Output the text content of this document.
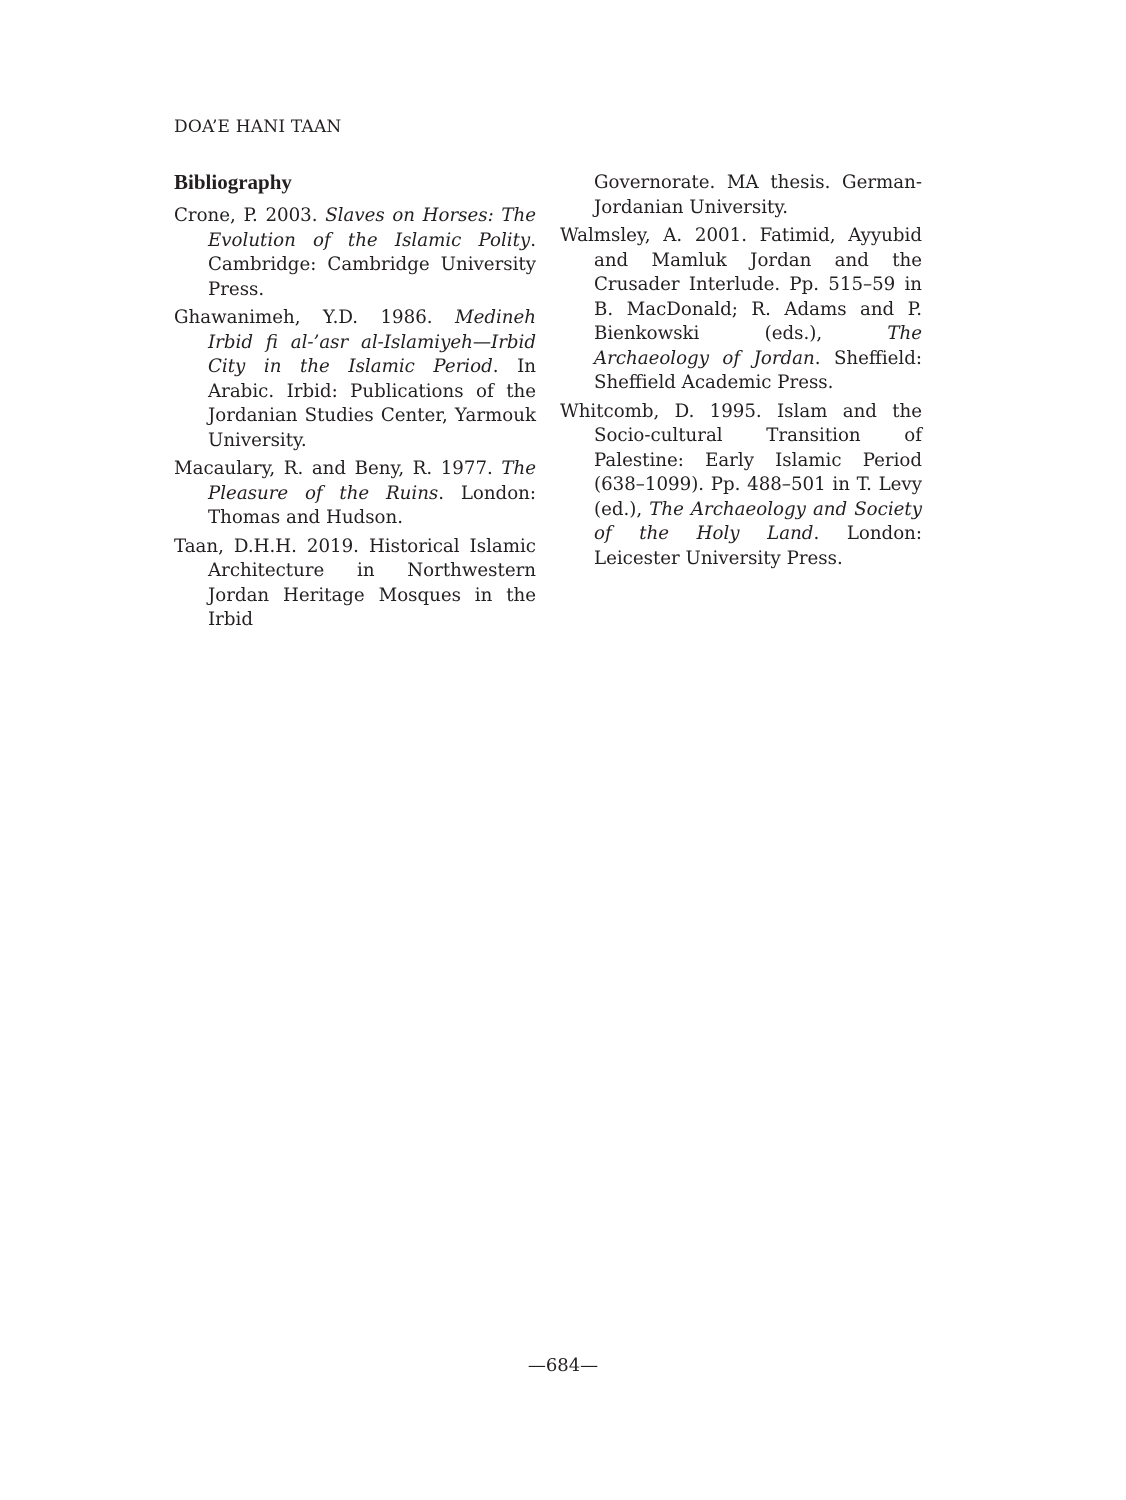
DOA’E HANI TAAN
Bibliography

Crone, P. 2003. Slaves on Horses: The Evolution of the Islamic Polity. Cambridge: Cambridge University Press.

Ghawanimeh, Y.D. 1986. Medineh Irbid fi al-’asr al-Islamiyeh—Irbid City in the Islamic Period. In Arabic. Irbid: Publications of the Jordanian Studies Center, Yarmouk University.

Macaulary, R. and Beny, R. 1977. The Pleasure of the Ruins. London: Thomas and Hudson.

Taan, D.H.H. 2019. Historical Islamic Architecture in Northwestern Jordan Heritage Mosques in the Irbid

Governorate. MA thesis. German-Jordanian University.

Walmsley, A. 2001. Fatimid, Ayyubid and Mamluk Jordan and the Crusader Interlude. Pp. 515–59 in B. MacDonald; R. Adams and P. Bienkowski (eds.), The Archaeology of Jordan. Sheffield: Sheffield Academic Press.

Whitcomb, D. 1995. Islam and the Socio-cultural Transition of Palestine: Early Islamic Period (638–1099). Pp. 488–501 in T. Levy (ed.), The Archaeology and Society of the Holy Land. London: Leicester University Press.

—684—
